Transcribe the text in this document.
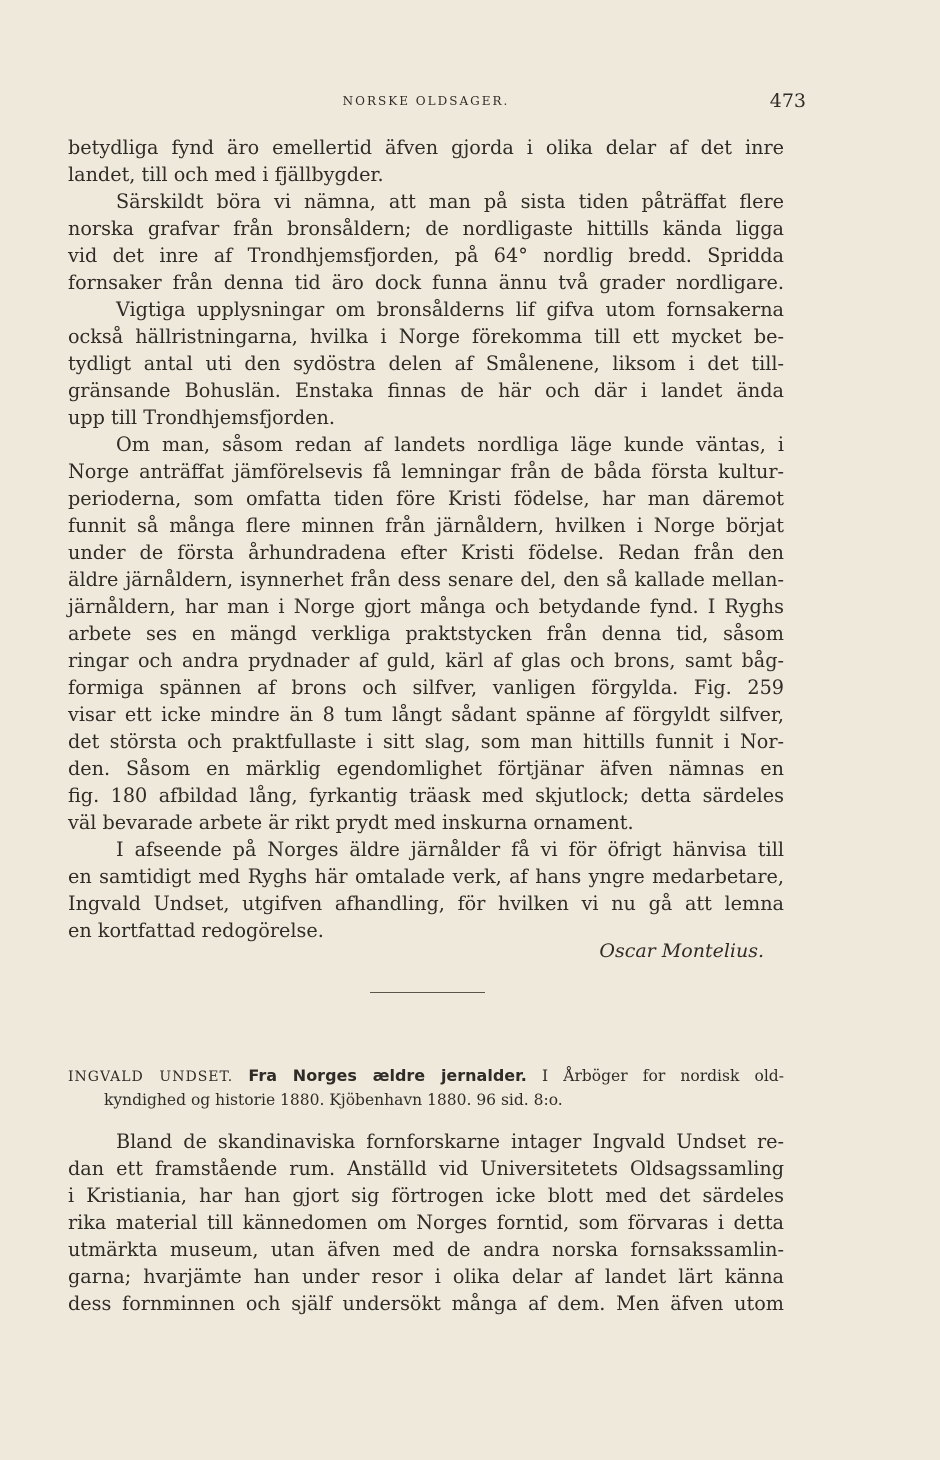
NORSKE OLDSAGER.	473
betydliga fynd äro emellertid äfven gjorda i olika delar af det inre
landet, till och med i fjällbygder.
Särskildt böra vi nämna, att man på sista tiden påträffat flere
norska grafvar från bronsåldern; de nordligaste hittills kända ligga
vid det inre af Trondhjemsfjorden, på 64° nordlig bredd. Spridda
fornsaker från denna tid äro dock funna ännu två grader nordligare.
Vigtiga upplysningar om bronsålderns lif gifva utom fornsakerna
också hällristningarna, hvilka i Norge förekomma till ett mycket be-
tydligt antal uti den sydöstra delen af Smålenene, liksom i det till-
gränsande Bohuslän. Enstaka finnas de här och där i landet ända
upp till Trondhjemsfjorden.
Om man, såsom redan af landets nordliga läge kunde väntas, i
Norge anträffat jämförelsevis få lemningar från de båda första kultur-
perioderna, som omfatta tiden före Kristi födelse, har man däremot
funnit så många flere minnen från järnåldern, hvilken i Norge börjat
under de första århundradena efter Kristi födelse. Redan från den
äldre järnåldern, isynnerhet från dess senare del, den så kallade mellan-
järnåldern, har man i Norge gjort många och betydande fynd. I Ryghs
arbete ses en mängd verkliga praktstycken från denna tid, såsom
ringar och andra prydnader af guld, kärl af glas och brons, samt båg-
formiga spännen af brons och silfver, vanligen förgylda. Fig. 259
visar ett icke mindre än 8 tum långt sådant spänne af förgyldt silfver,
det största och praktfullaste i sitt slag, som man hittills funnit i Nor-
den. Såsom en märklig egendomlighet förtjänar äfven nämnas en
fig. 180 afbildad lång, fyrkantig träask med skjutlock; detta särdeles
väl bevarade arbete är rikt prydt med inskurna ornament.
I afseende på Norges äldre järnålder få vi för öfrigt hänvisa till
en samtidigt med Ryghs här omtalade verk, af hans yngre medarbetare,
Ingvald Undset, utgifven afhandling, för hvilken vi nu gå att lemna
en kortfattad redogörelse.
Oscar Montelius.
INGVALD UNDSET. Fra Norges ældre jernalder. I Årböger for nordisk old-
kyndighed og historie 1880. Kjöbenhavn 1880. 96 sid. 8:o.
Bland de skandinaviska fornforskarne intager Ingvald Undset re-
dan ett framstående rum. Anställd vid Universitetets Oldsagssamling
i Kristiania, har han gjort sig förtrogen icke blott med det särdeles
rika material till kännedomen om Norges forntid, som förvaras i detta
utmärkta museum, utan äfven med de andra norska fornsakssamlin-
garna; hvarjämte han under resor i olika delar af landet lärt känna
dess fornminnen och själf undersökt många af dem. Men äfven utom
